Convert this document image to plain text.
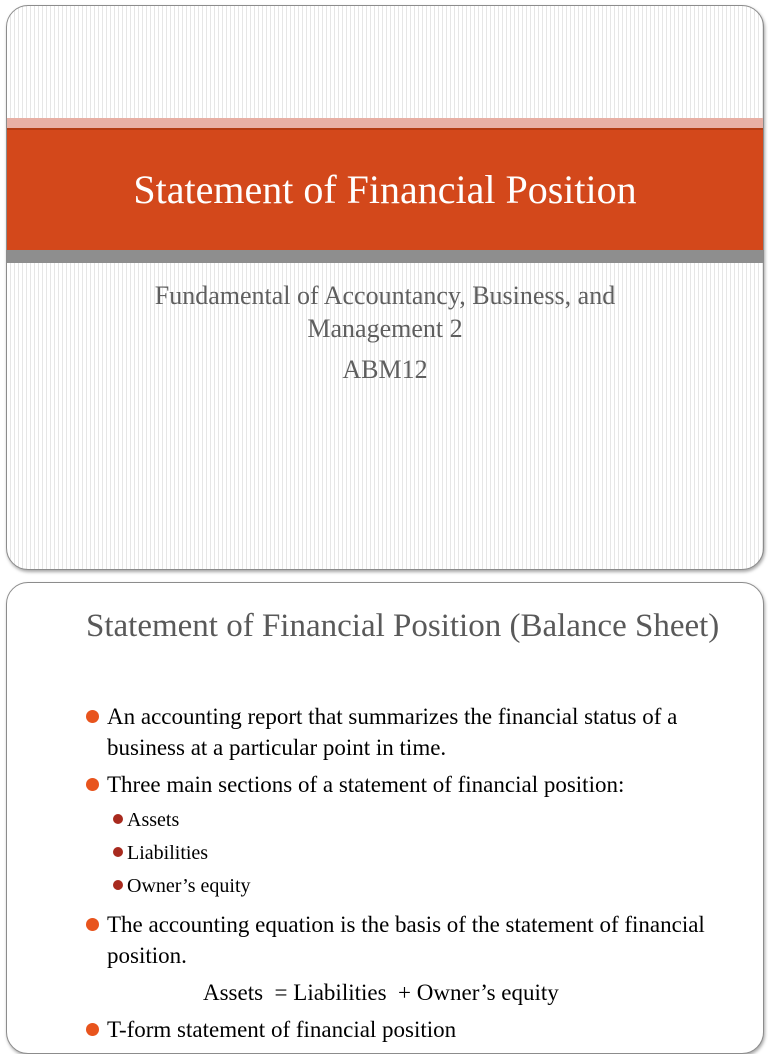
Statement of Financial Position
Fundamental of Accountancy, Business, and Management 2
ABM12
Statement of Financial Position (Balance Sheet)
An accounting report that summarizes the financial status of a business at a particular point in time.
Three main sections of a statement of financial position:
Assets
Liabilities
Owner’s equity
The accounting equation is the basis of the statement of financial position.
Assets  = Liabilities  + Owner’s equity
T-form statement of financial position
